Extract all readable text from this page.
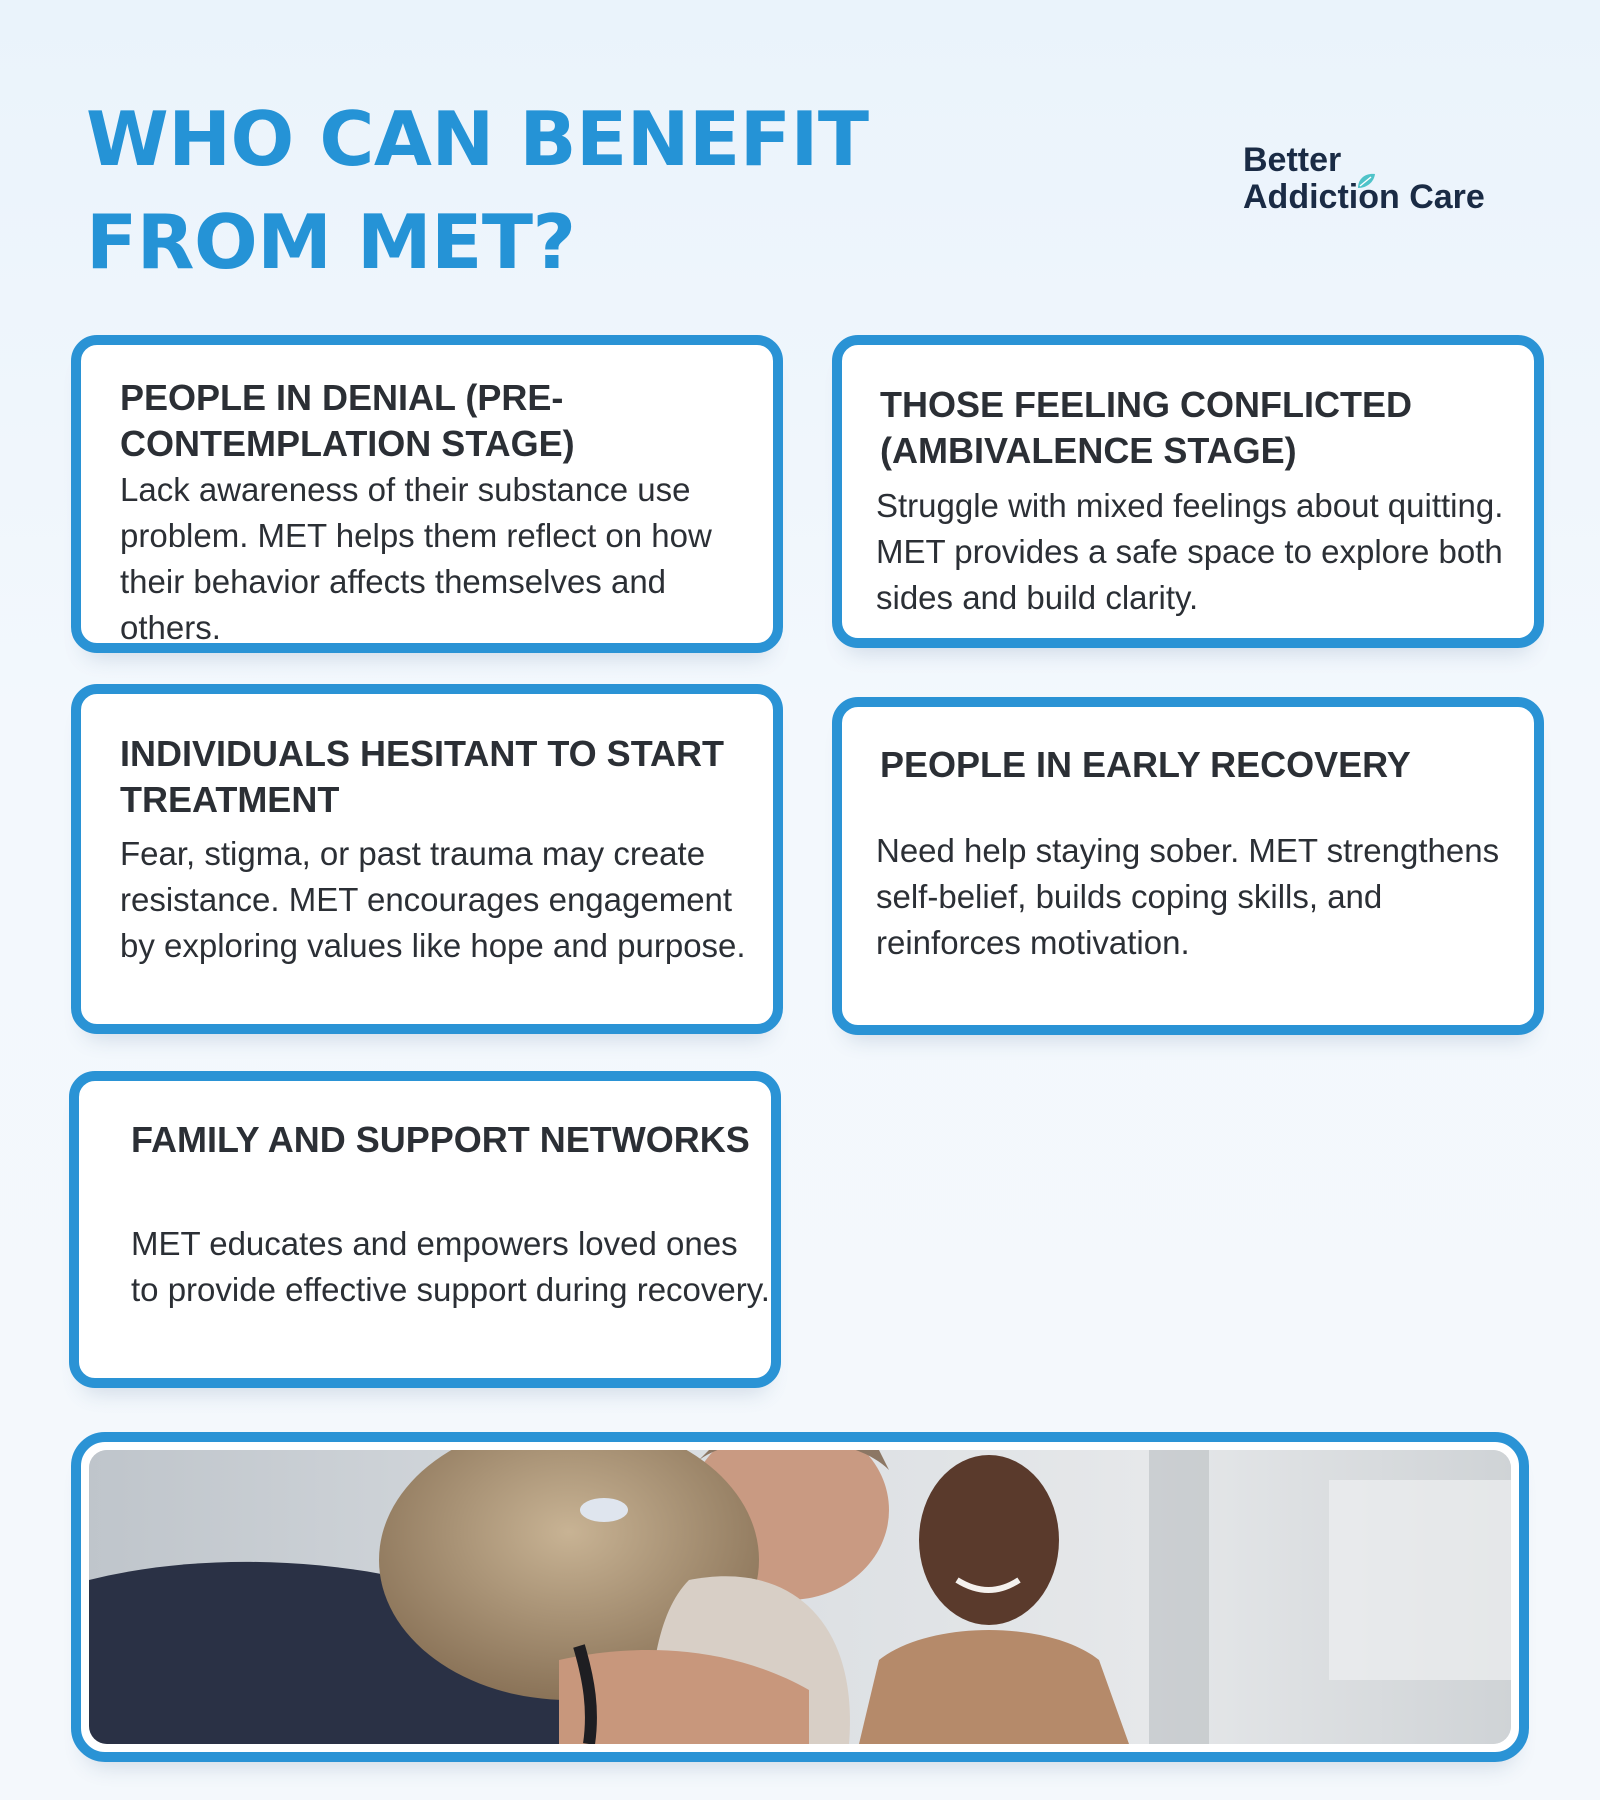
WHO CAN BENEFIT FROM MET?
Better
Addiction Care
PEOPLE IN DENIAL (PRE-CONTEMPLATION STAGE)

Lack awareness of their substance use problem. MET helps them reflect on how their behavior affects themselves and others.

THOSE FEELING CONFLICTED (AMBIVALENCE STAGE)

Struggle with mixed feelings about quitting. MET provides a safe space to explore both sides and build clarity.

INDIVIDUALS HESITANT TO START TREATMENT

Fear, stigma, or past trauma may create resistance. MET encourages engagement by exploring values like hope and purpose.

PEOPLE IN EARLY RECOVERY

Need help staying sober. MET strengthens self-belief, builds coping skills, and reinforces motivation.

FAMILY AND SUPPORT NETWORKS

MET educates and empowers loved ones to provide effective support during recovery.
